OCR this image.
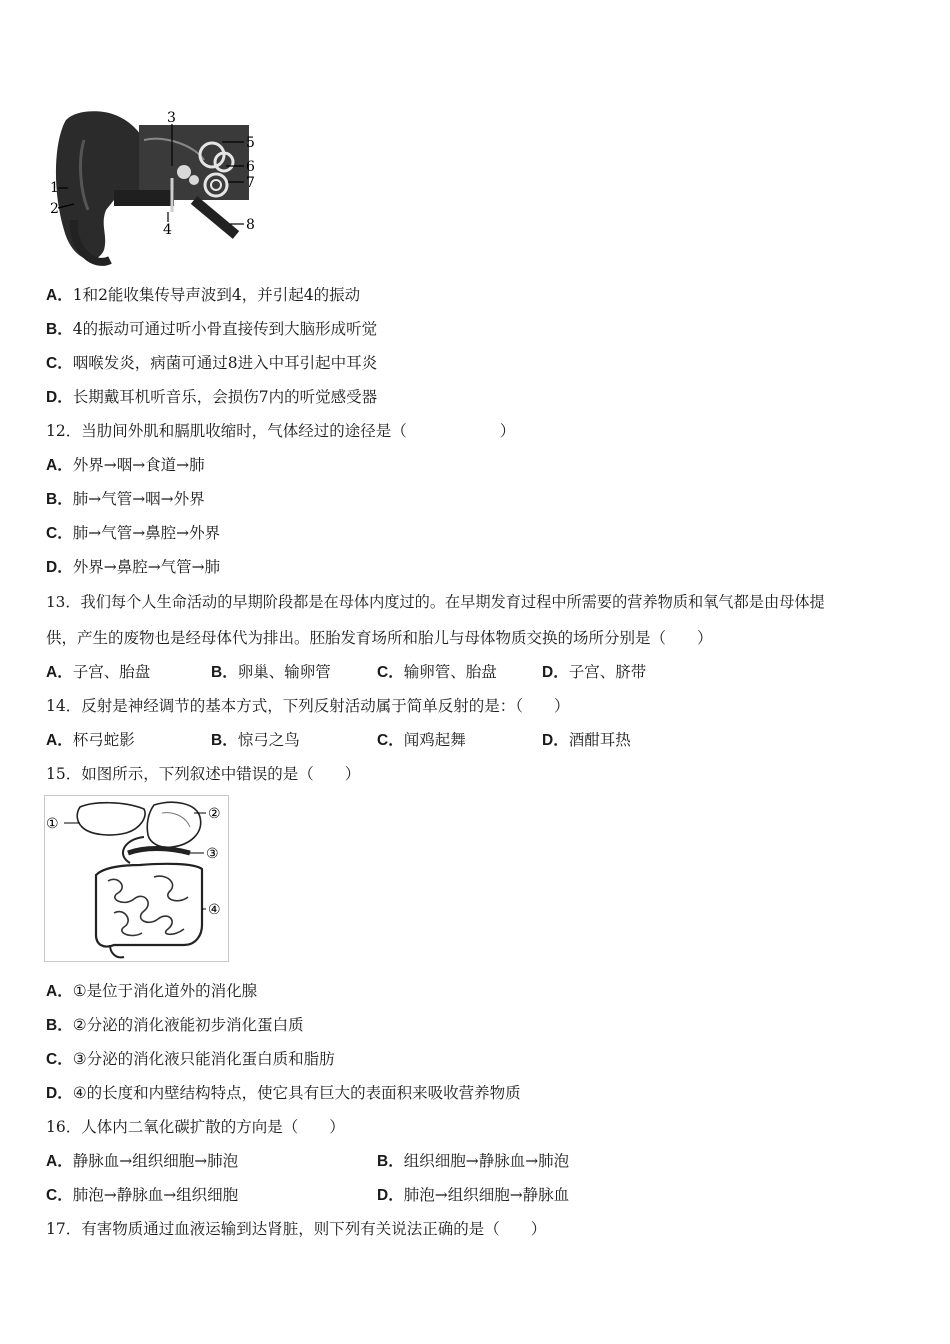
1
2
3
4
5
6
7
8
A．1和2能收集传导声波到4，并引起4的振动
B．4的振动可通过听小骨直接传到大脑形成听觉
C．咽喉发炎，病菌可通过8进入中耳引起中耳炎
D．长期戴耳机听音乐，会损伤7内的听觉感受器
12．当肋间外肌和膈肌收缩时，气体经过的途径是（　　　　　　）
A．外界→咽→食道→肺
B．肺→气管→咽→外界
C．肺→气管→鼻腔→外界
D．外界→鼻腔→气管→肺
13．我们每个人生命活动的早期阶段都是在母体内度过的。在早期发育过程中所需要的营养物质和氧气都是由母体提
供，产生的废物也是经母体代为排出。胚胎发育场所和胎儿与母体物质交换的场所分别是（　　）
A．子宫、胎盘	B．卵巢、输卵管	C．输卵管、胎盘	D．子宫、脐带
14．反射是神经调节的基本方式，下列反射活动属于简单反射的是：（　　）
A．杯弓蛇影	B．惊弓之鸟	C．闻鸡起舞	D．酒酣耳热
15．如图所示，下列叙述中错误的是（　　）
①
②
③
④
A．①是位于消化道外的消化腺
B．②分泌的消化液能初步消化蛋白质
C．③分泌的消化液只能消化蛋白质和脂肪
D．④的长度和内壁结构特点，使它具有巨大的表面积来吸收营养物质
16．人体内二氧化碳扩散的方向是（　　）
A．静脉血→组织细胞→肺泡	B．组织细胞→静脉血→肺泡
C．肺泡→静脉血→组织细胞	D．肺泡→组织细胞→静脉血
17．有害物质通过血液运输到达肾脏，则下列有关说法正确的是（　　）
